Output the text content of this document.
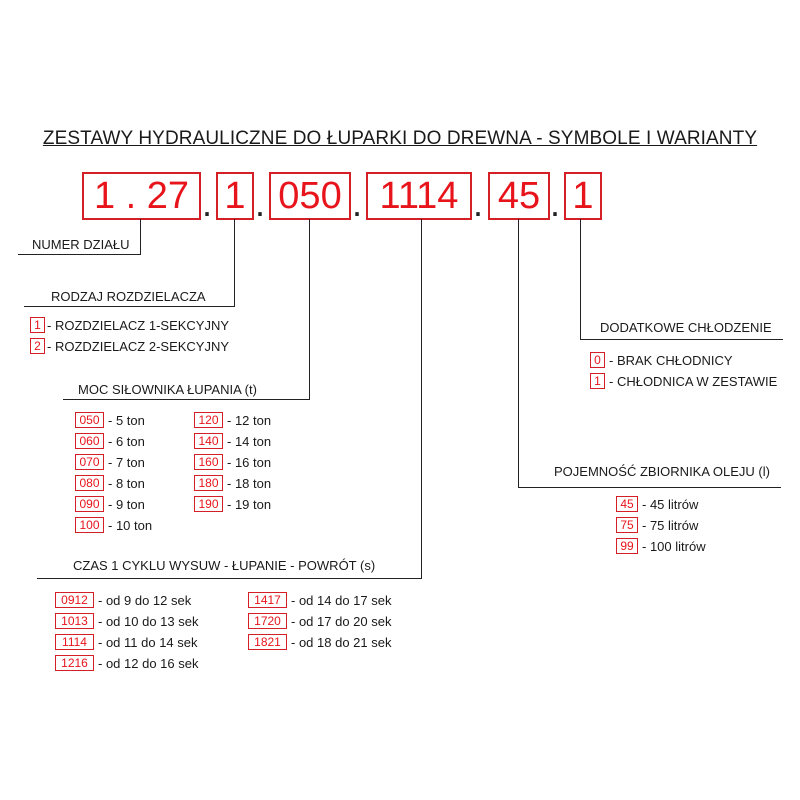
ZESTAWY HYDRAULICZNE DO ŁUPARKI DO DREWNA - SYMBOLE I WARIANTY
1 . 27 . 1 . 050 . 1114 . 45 . 1
NUMER DZIAŁU
RODZAJ ROZDZIELACZA
MOC SIŁOWNIKA ŁUPANIA (t)
CZAS 1 CYKLU WYSUW - ŁUPANIE - POWRÓT (s)
POJEMNOŚĆ ZBIORNIKA OLEJU (l)
DODATKOWE CHŁODZENIE
1 - ROZDZIELACZ 1-SEKCYJNY
2 - ROZDZIELACZ 2-SEKCYJNY
050 - 5 ton
060 - 6 ton
070 - 7 ton
080 - 8 ton
090 - 9 ton
100 - 10 ton
120 - 12 ton
140 - 14 ton
160 - 16 ton
180 - 18 ton
190 - 19 ton
0912 - od 9 do 12 sek
1013 - od 10 do 13 sek
1114 - od 11 do 14 sek
1216 - od 12 do 16 sek
1417 - od 14 do 17 sek
1720 - od 17 do 20 sek
1821 - od 18 do 21 sek
45 - 45 litrów
75 - 75 litrów
99 - 100 litrów
0 - BRAK CHŁODNICY
1 - CHŁODNICA W ZESTAWIE
